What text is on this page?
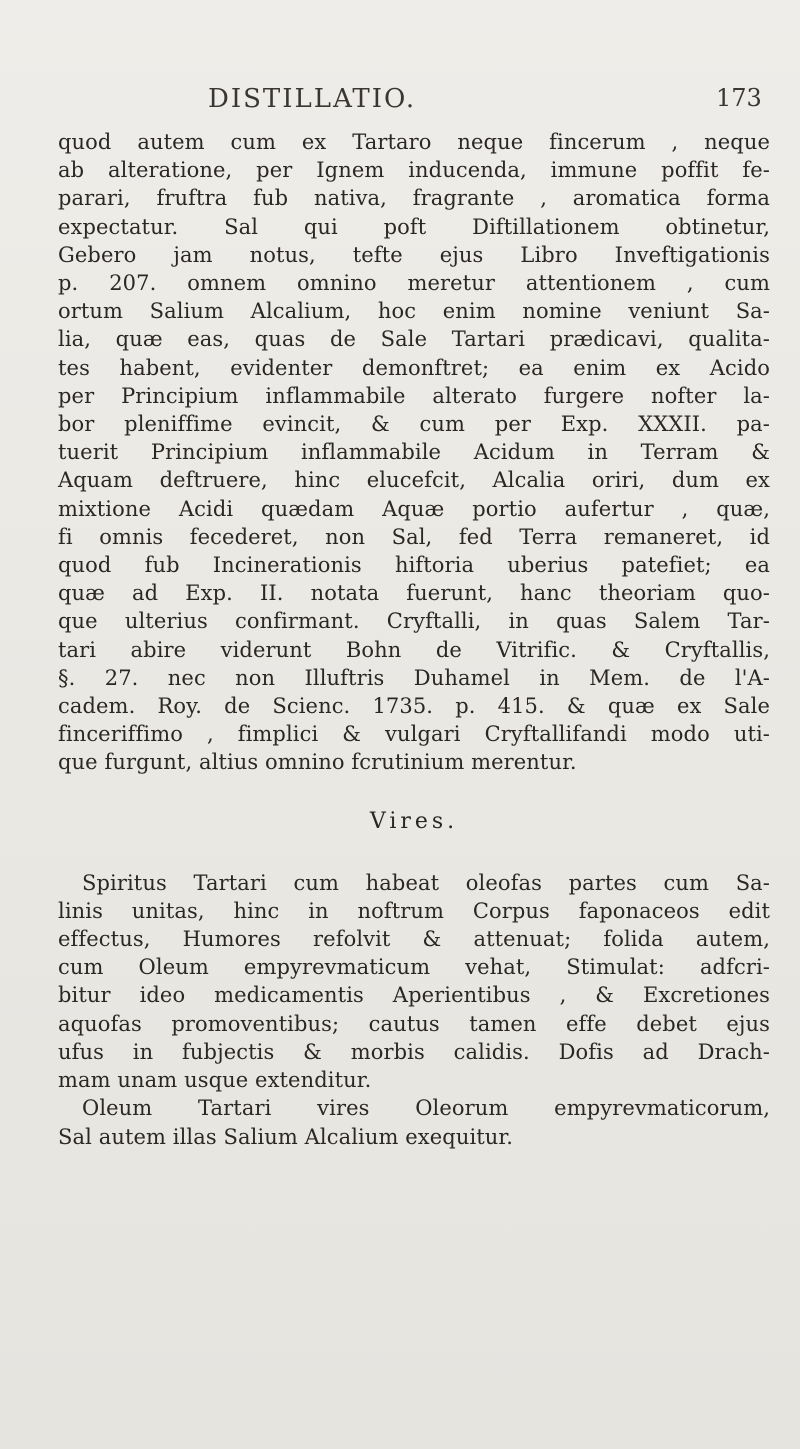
DISTILLATIO.	173
quod autem cum ex Tartaro neque fincerum , neque
ab alteratione, per Ignem inducenda, immune poffit fe-
parari, fruftra fub nativa, fragrante , aromatica forma
expectatur. Sal qui poft Diftillationem obtinetur,
Gebero jam notus, tefte ejus Libro Inveftigationis
p. 207. omnem omnino meretur attentionem , cum
ortum Salium Alcalium, hoc enim nomine veniunt Sa-
lia, quæ eas, quas de Sale Tartari prædicavi, qualita-
tes habent, evidenter demonftret; ea enim ex Acido
per Principium inflammabile alterato furgere nofter la-
bor pleniffime evincit, & cum per Exp. XXXII. pa-
tuerit Principium inflammabile Acidum in Terram &
Aquam deftruere, hinc elucefcit, Alcalia oriri, dum ex
mixtione Acidi quædam Aquæ portio aufertur , quæ,
fi omnis fecederet, non Sal, fed Terra remaneret, id
quod fub Incinerationis hiftoria uberius patefiet; ea
quæ ad Exp. II. notata fuerunt, hanc theoriam quo-
que ulterius confirmant. Cryftalli, in quas Salem Tar-
tari abire viderunt Bohn de Vitrific. & Cryftallis,
§. 27. nec non Illuftris Duhamel in Mem. de l'A-
cadem. Roy. de Scienc. 1735. p. 415. & quæ ex Sale
finceriffimo , fimplici & vulgari Cryftallifandi modo uti-
que furgunt, altius omnino fcrutinium merentur.
Vires.
Spiritus Tartari cum habeat oleofas partes cum Sa-
linis unitas, hinc in noftrum Corpus faponaceos edit
effectus, Humores refolvit & attenuat; folida autem,
cum Oleum empyrevmaticum vehat, Stimulat: adfcri-
bitur ideo medicamentis Aperientibus , & Excretiones
aquofas promoventibus; cautus tamen effe debet ejus
ufus in fubjectis & morbis calidis. Dofis ad Drach-
mam unam usque extenditur.
Oleum Tartari vires Oleorum empyrevmaticorum,
Sal autem illas Salium Alcalium exequitur.
